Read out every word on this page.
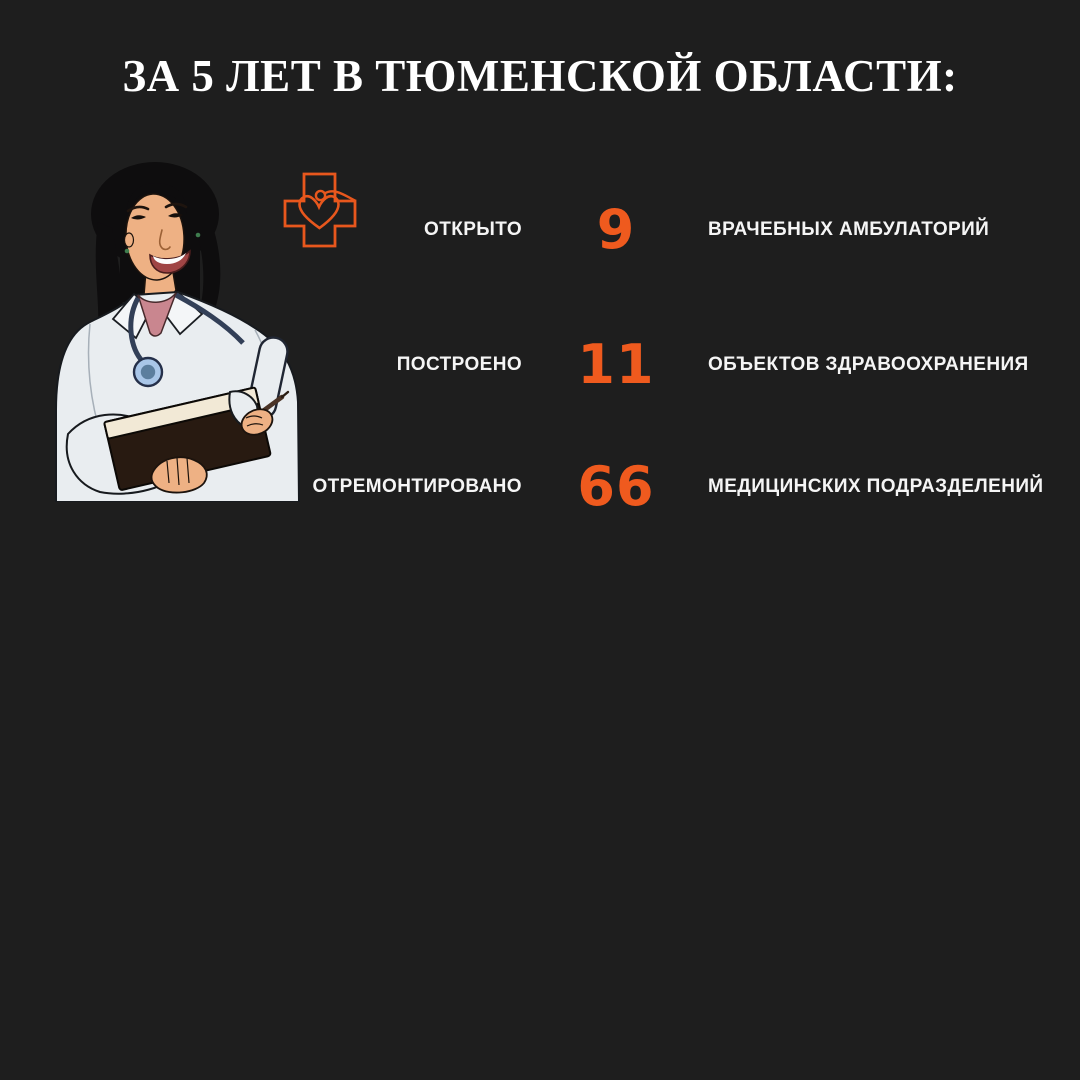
ЗА 5 ЛЕТ В ТЮМЕНСКОЙ ОБЛАСТИ:
ОТКРЫТО	9	ВРАЧЕБНЫХ АМБУЛАТОРИЙ
ПОСТРОЕНО	11	ОБЪЕКТОВ ЗДРАВООХРАНЕНИЯ
ОТРЕМОНТИРОВАНО	66	МЕДИЦИНСКИХ ПОДРАЗДЕЛЕНИЙ
